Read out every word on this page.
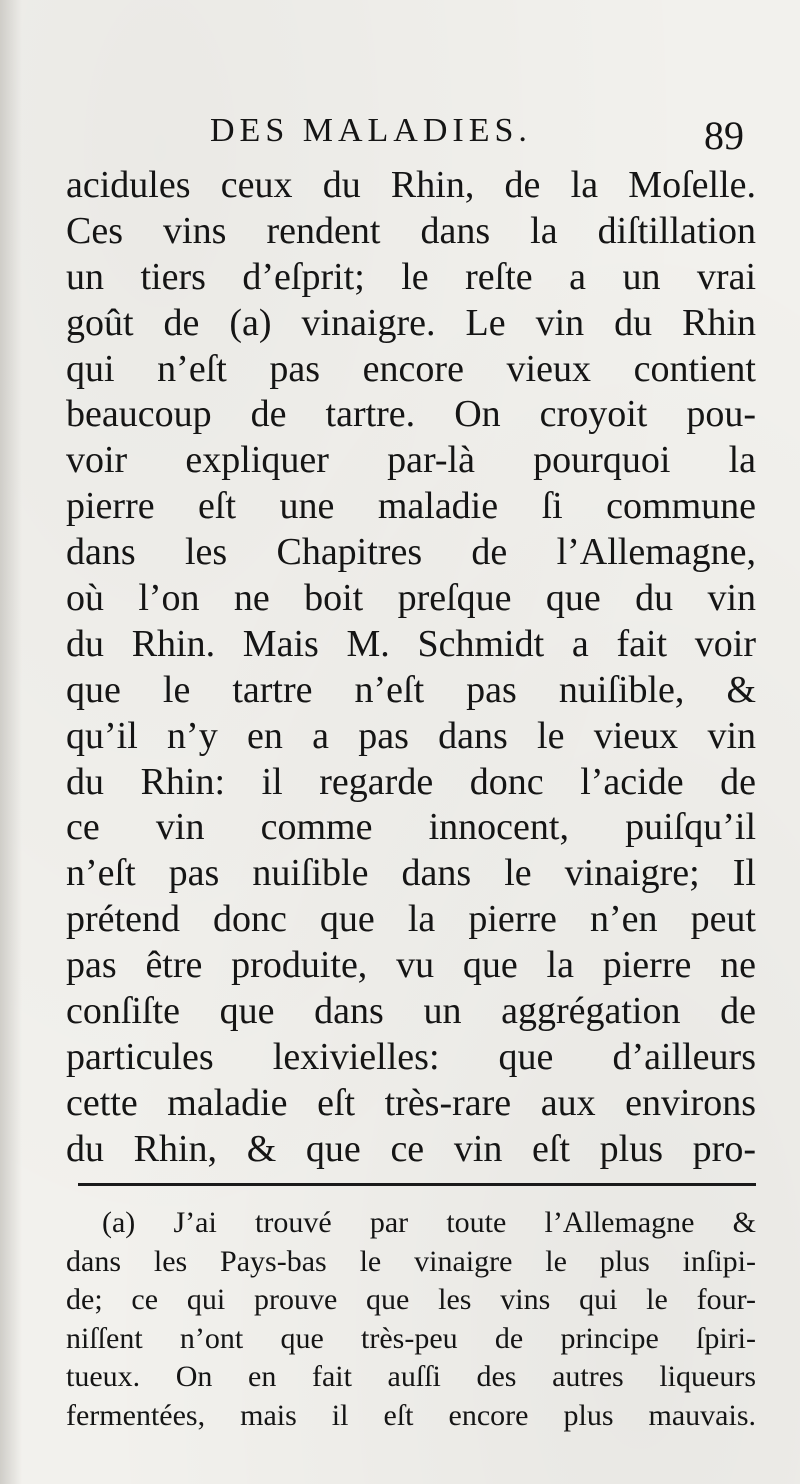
DES MALADIES.	89
acidules ceux du Rhin, de la Moſelle.
Ces vins rendent dans la diſtillation
un tiers d’eſprit; le reſte a un vrai
goût de (a) vinaigre. Le vin du Rhin
qui n’eſt pas encore vieux contient
beaucoup de tartre. On croyoit pou-
voir expliquer par-là pourquoi la
pierre eſt une maladie ſi commune
dans les Chapitres de l’Allemagne,
où l’on ne boit preſque que du vin
du Rhin. Mais M. Schmidt a fait voir
que le tartre n’eſt pas nuiſible, &
qu’il n’y en a pas dans le vieux vin
du Rhin: il regarde donc l’acide de
ce vin comme innocent, puiſqu’il
n’eſt pas nuiſible dans le vinaigre; Il
prétend donc que la pierre n’en peut
pas être produite, vu que la pierre ne
conſiſte que dans un aggrégation de
particules lexivielles: que d’ailleurs
cette maladie eſt très-rare aux environs
du Rhin, & que ce vin eſt plus pro-
(a) J’ai trouvé par toute l’Allemagne &
dans les Pays-bas le vinaigre le plus inſipi-
de; ce qui prouve que les vins qui le four-
niſſent n’ont que très-peu de principe ſpiri-
tueux. On en fait auſſi des autres liqueurs
fermentées, mais il eſt encore plus mauvais.
